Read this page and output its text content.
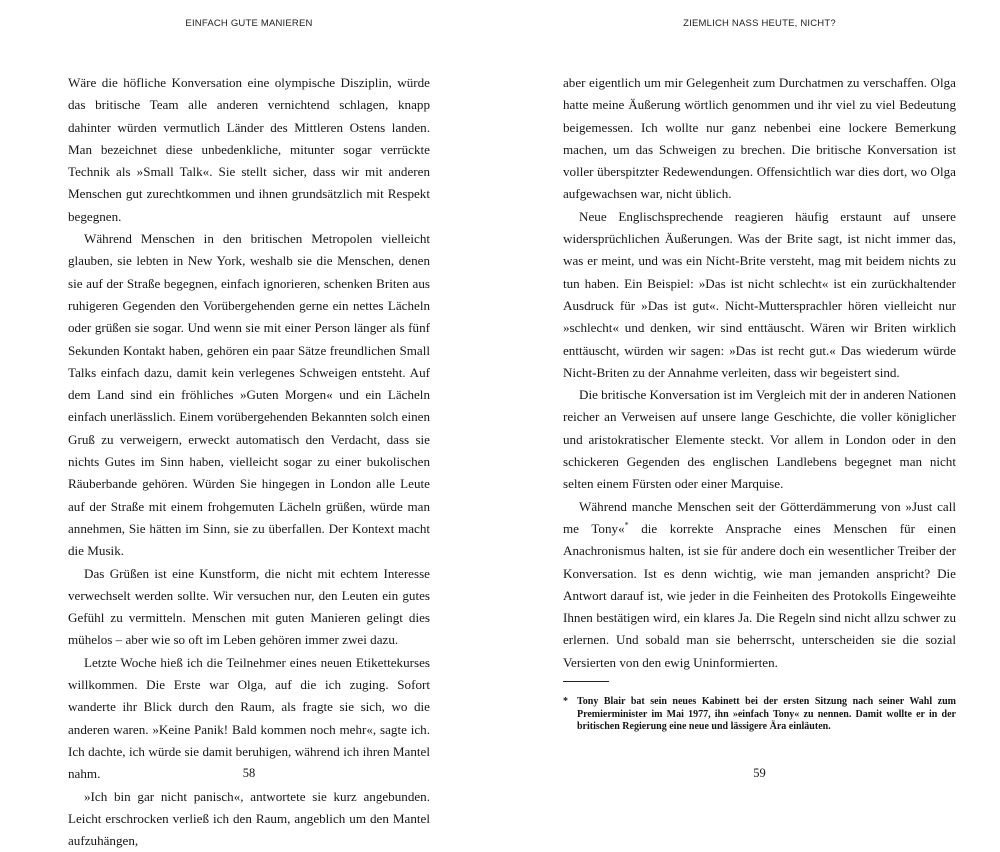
EINFACH GUTE MANIEREN

Wäre die höfliche Konversation eine olympische Disziplin, würde das britische Team alle anderen vernichtend schlagen, knapp dahinter würden vermutlich Länder des Mittleren Ostens landen. Man bezeichnet diese unbedenkliche, mitunter sogar verrückte Technik als »Small Talk«. Sie stellt sicher, dass wir mit anderen Menschen gut zurechtkommen und ihnen grundsätzlich mit Respekt begegnen.

Während Menschen in den britischen Metropolen vielleicht glauben, sie lebten in New York, weshalb sie die Menschen, denen sie auf der Straße begegnen, einfach ignorieren, schenken Briten aus ruhigeren Gegenden den Vorübergehenden gerne ein nettes Lächeln oder grüßen sie sogar. Und wenn sie mit einer Person länger als fünf Sekunden Kontakt haben, gehören ein paar Sätze freundlichen Small Talks einfach dazu, damit kein verlegenes Schweigen entsteht. Auf dem Land sind ein fröhliches »Guten Morgen« und ein Lächeln einfach unerlässlich. Einem vorübergehenden Bekannten solch einen Gruß zu verweigern, erweckt automatisch den Verdacht, dass sie nichts Gutes im Sinn haben, vielleicht sogar zu einer bukolischen Räuberbande gehören. Würden Sie hingegen in London alle Leute auf der Straße mit einem frohgemuten Lächeln grüßen, würde man annehmen, Sie hätten im Sinn, sie zu überfallen. Der Kontext macht die Musik.

Das Grüßen ist eine Kunstform, die nicht mit echtem Interesse verwechselt werden sollte. Wir versuchen nur, den Leuten ein gutes Gefühl zu vermitteln. Menschen mit guten Manieren gelingt dies mühelos – aber wie so oft im Leben gehören immer zwei dazu.

Letzte Woche hieß ich die Teilnehmer eines neuen Etikettekurses willkommen. Die Erste war Olga, auf die ich zuging. Sofort wanderte ihr Blick durch den Raum, als fragte sie sich, wo die anderen waren. »Keine Panik! Bald kommen noch mehr«, sagte ich. Ich dachte, ich würde sie damit beruhigen, während ich ihren Mantel nahm.

»Ich bin gar nicht panisch«, antwortete sie kurz angebunden. Leicht erschrocken verließ ich den Raum, angeblich um den Mantel aufzuhängen,

58
ZIEMLICH NASS HEUTE, NICHT?

aber eigentlich um mir Gelegenheit zum Durchatmen zu verschaffen. Olga hatte meine Äußerung wörtlich genommen und ihr viel zu viel Bedeutung beigemessen. Ich wollte nur ganz nebenbei eine lockere Bemerkung machen, um das Schweigen zu brechen. Die britische Konversation ist voller überspitzter Redewendungen. Offensichtlich war dies dort, wo Olga aufgewachsen war, nicht üblich.

Neue Englischsprechende reagieren häufig erstaunt auf unsere widersprüchlichen Äußerungen. Was der Brite sagt, ist nicht immer das, was er meint, und was ein Nicht-Brite versteht, mag mit beidem nichts zu tun haben. Ein Beispiel: »Das ist nicht schlecht« ist ein zurückhaltender Ausdruck für »Das ist gut«. Nicht-Muttersprachler hören vielleicht nur »schlecht« und denken, wir sind enttäuscht. Wären wir Briten wirklich enttäuscht, würden wir sagen: »Das ist recht gut.« Das wiederum würde Nicht-Briten zu der Annahme verleiten, dass wir begeistert sind.

Die britische Konversation ist im Vergleich mit der in anderen Nationen reicher an Verweisen auf unsere lange Geschichte, die voller königlicher und aristokratischer Elemente steckt. Vor allem in London oder in den schickeren Gegenden des englischen Landlebens begegnet man nicht selten einem Fürsten oder einer Marquise.

Während manche Menschen seit der Götterdämmerung von »Just call me Tony«* die korrekte Ansprache eines Menschen für einen Anachronismus halten, ist sie für andere doch ein wesentlicher Treiber der Konversation. Ist es denn wichtig, wie man jemanden anspricht? Die Antwort darauf ist, wie jeder in die Feinheiten des Protokolls Eingeweihte Ihnen bestätigen wird, ein klares Ja. Die Regeln sind nicht allzu schwer zu erlernen. Und sobald man sie beherrscht, unterscheiden sie die sozial Versierten von den ewig Uninformierten.

* Tony Blair bat sein neues Kabinett bei der ersten Sitzung nach seiner Wahl zum Premierminister im Mai 1977, ihn »einfach Tony« zu nennen. Damit wollte er in der britischen Regierung eine neue und lässigere Ära einläuten.
59
